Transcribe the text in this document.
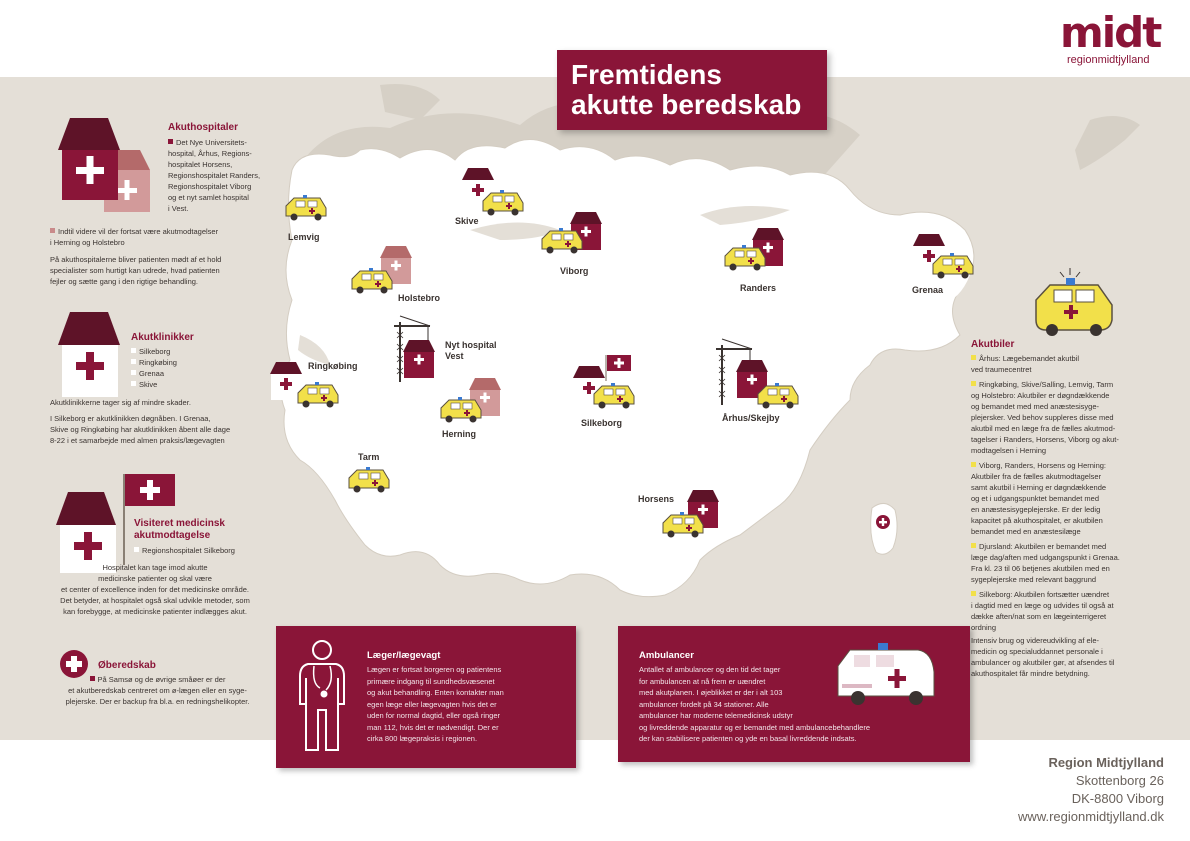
midt
regionmidtjylland
Fremtidens
akutte beredskab
Akuthospitaler
Det Nye Universitets-
hospital, Århus, Regions-
hospitalet Horsens,
Regionshospitalet Randers,
Regionshospitalet Viborg
og et nyt samlet hospital
i Vest.
Indtil videre vil der fortsat være akutmodtagelser
i Herning og Holstebro
På akuthospitalerne bliver patienten mødt af et hold
specialister som hurtigt kan udrede, hvad patienten
fejler og sætte gang i den rigtige behandling.
Akutklinikker
Silkeborg
Ringkøbing
Grenaa
Skive
Akutklinikkerne tager sig af mindre skader.
I Silkeborg er akutklinikken døgnåben. I Grenaa,
Skive og Ringkøbing har akutklinikken åbent alle dage
8-22 i et samarbejde med almen praksis/lægevagten
Visiteret medicinsk
akutmodtagelse
Regionshospitalet Silkeborg
Hospitalet kan tage imod akutte
medicinske patienter og skal være
et center of excellence inden for det medicinske område.
Det betyder, at hospitalet også skal udvikle metoder, som
kan forebygge, at medicinske patienter indlægges akut.
Øberedskab
På Samsø og de øvrige småøer er der
et akutberedskab centreret om ø-lægen eller en syge-
plejerske. Der er backup fra bl.a. en redningshelikopter.
Lemvig
Skive
Viborg
Randers	Grenaa
Holstebro
Nyt hospital
Vest
Ringkøbing
Herning
Silkeborg	Århus/Skejby
Tarm
Horsens
Akutbiler
Århus: Lægebemandet akutbil
ved traumecentret
Ringkøbing, Skive/Salling, Lemvig, Tarm
og Holstebro: Akutbiler er døgndækkende
og bemandet med med anæstesisyge-
plejersker. Ved behov suppleres disse med
akutbil med en læge fra de fælles akutmod-
tagelser i Randers, Horsens, Viborg og akut-
modtagelsen i Herning
Viborg, Randers, Horsens og Herning:
Akutbiler fra de fælles akutmodtagelser
samt akutbil i Herning er døgndækkende
og et i udgangspunktet bemandet med
en anæstesisygeplejerske. Er der ledig
kapacitet på akuthospitalet, er akutbilen
bemandet med en anæstesilæge
Djursland: Akutbilen er bemandet med
læge dag/aften med udgangspunkt i Grenaa.
Fra kl. 23 til 06 betjenes akutbilen med en
sygeplejerske med relevant baggrund
Silkeborg: Akutbilen fortsætter uændret
i dagtid med en læge og udvides til også at
dække aften/nat som en lægeinterrigeret
ordning
Intensiv brug og videreudvikling af ele-
medicin og specialuddannet personale i
ambulancer og akutbiler gør, at afsendes til
akuthospitalet får mindre betydning.
Læger/lægevagt
Lægen er fortsat borgeren og patientens
primære indgang til sundhedsvæsenet
og akut behandling. Enten kontakter man
egen læge eller lægevagten hvis det er
uden for normal dagtid, eller også ringer
man 112, hvis det er nødvendigt. Der er
cirka 800 lægepraksis i regionen.
Ambulancer
Antallet af ambulancer og den tid det tager
for ambulancen at nå frem er uændret
med akutplanen. I øjeblikket er der i alt 103
ambulancer fordelt på 34 stationer. Alle
ambulancer har moderne telemedicinsk udstyr
og livreddende apparatur og er bemandet med ambulancebehandlere
der kan stabilisere patienten og yde en basal livreddende indsats.
Region Midtjylland
Skottenborg 26
DK-8800 Viborg
www.regionmidtjylland.dk
